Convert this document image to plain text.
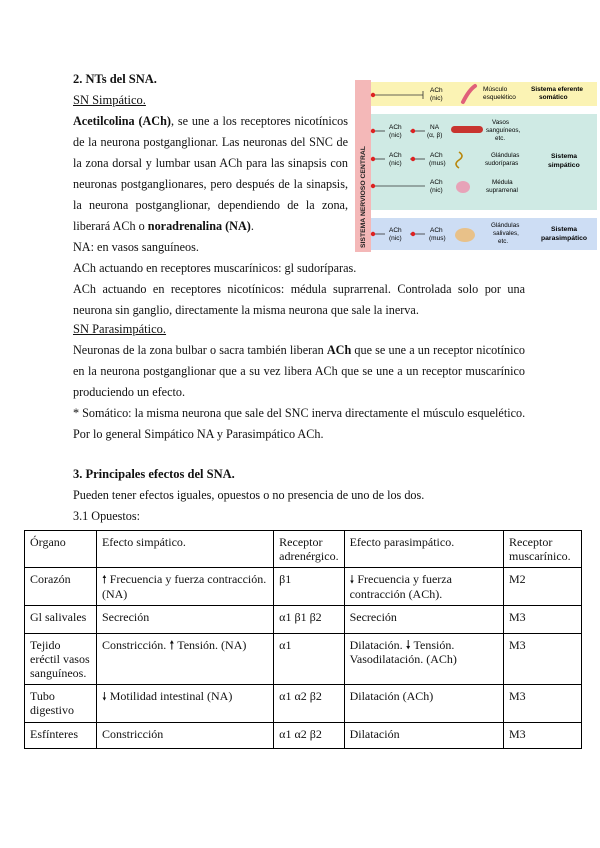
2. NTs del SNA.
SN Simpático.
Acetilcolina (ACh), se une a los receptores nicotínicos
de la neurona postganglionar. Las neuronas del SNC de
la zona dorsal y lumbar usan ACh para las sinapsis con
neuronas postganglionares, pero después de la sinapsis,
la neurona postganglionar, dependiendo de la zona,
liberará ACh o noradrenalina (NA).
NA: en vasos sanguíneos.
ACh actuando en receptores muscarínicos: gl sudoríparas.
ACh actuando en receptores nicotínicos: médula suprarrenal. Controlada solo por una
neurona sin ganglio, directamente la misma neurona que sale la inerva.
SN Parasimpático.
Neuronas de la zona bulbar o sacra también liberan ACh que se une a un receptor nicotínico
en la neurona postganglionar que a su vez libera ACh que se une a un receptor muscarínico
produciendo un efecto.
* Somático: la misma neurona que sale del SNC inerva directamente el músculo esquelético.
Por lo general Simpático NA y Parasimpático ACh.
SISTEMA NERVIOSO CENTRAL
ACh
(nic)
Músculo
esquelético
Sistema eferente
somático
ACh
(nic)
NA
(α, β)
Vasos
sanguíneos,
etc.
ACh
(nic)
ACh
(mus)
Glándulas
sudoríparas
ACh
(nic)
Médula
suprarrenal
Sistema
simpático
ACh
(nic)
ACh
(mus)
Glándulas
salivales,
etc.
Sistema
parasimpático
3. Principales efectos del SNA.
Pueden tener efectos iguales, opuestos o no presencia de uno de los dos.
3.1 Opuestos:
Órgano	Efecto simpático.	Receptor adrenérgico.	Efecto parasimpático.	Receptor muscarínico.
Corazón	🠕 Frecuencia y fuerza contracción. (NA)	β1	🠗 Frecuencia y fuerza contracción (ACh).	M2
Gl salivales	Secreción	α1 β1 β2	Secreción	M3
Tejido eréctil vasos sanguíneos.	Constricción. 🠕 Tensión. (NA)	α1	Dilatación. 🠗 Tensión. Vasodilatación. (ACh)	M3
Tubo digestivo	🠗 Motilidad intestinal (NA)	α1 α2 β2	Dilatación (ACh)	M3
Esfínteres	Constricción	α1 α2 β2	Dilatación	M3
